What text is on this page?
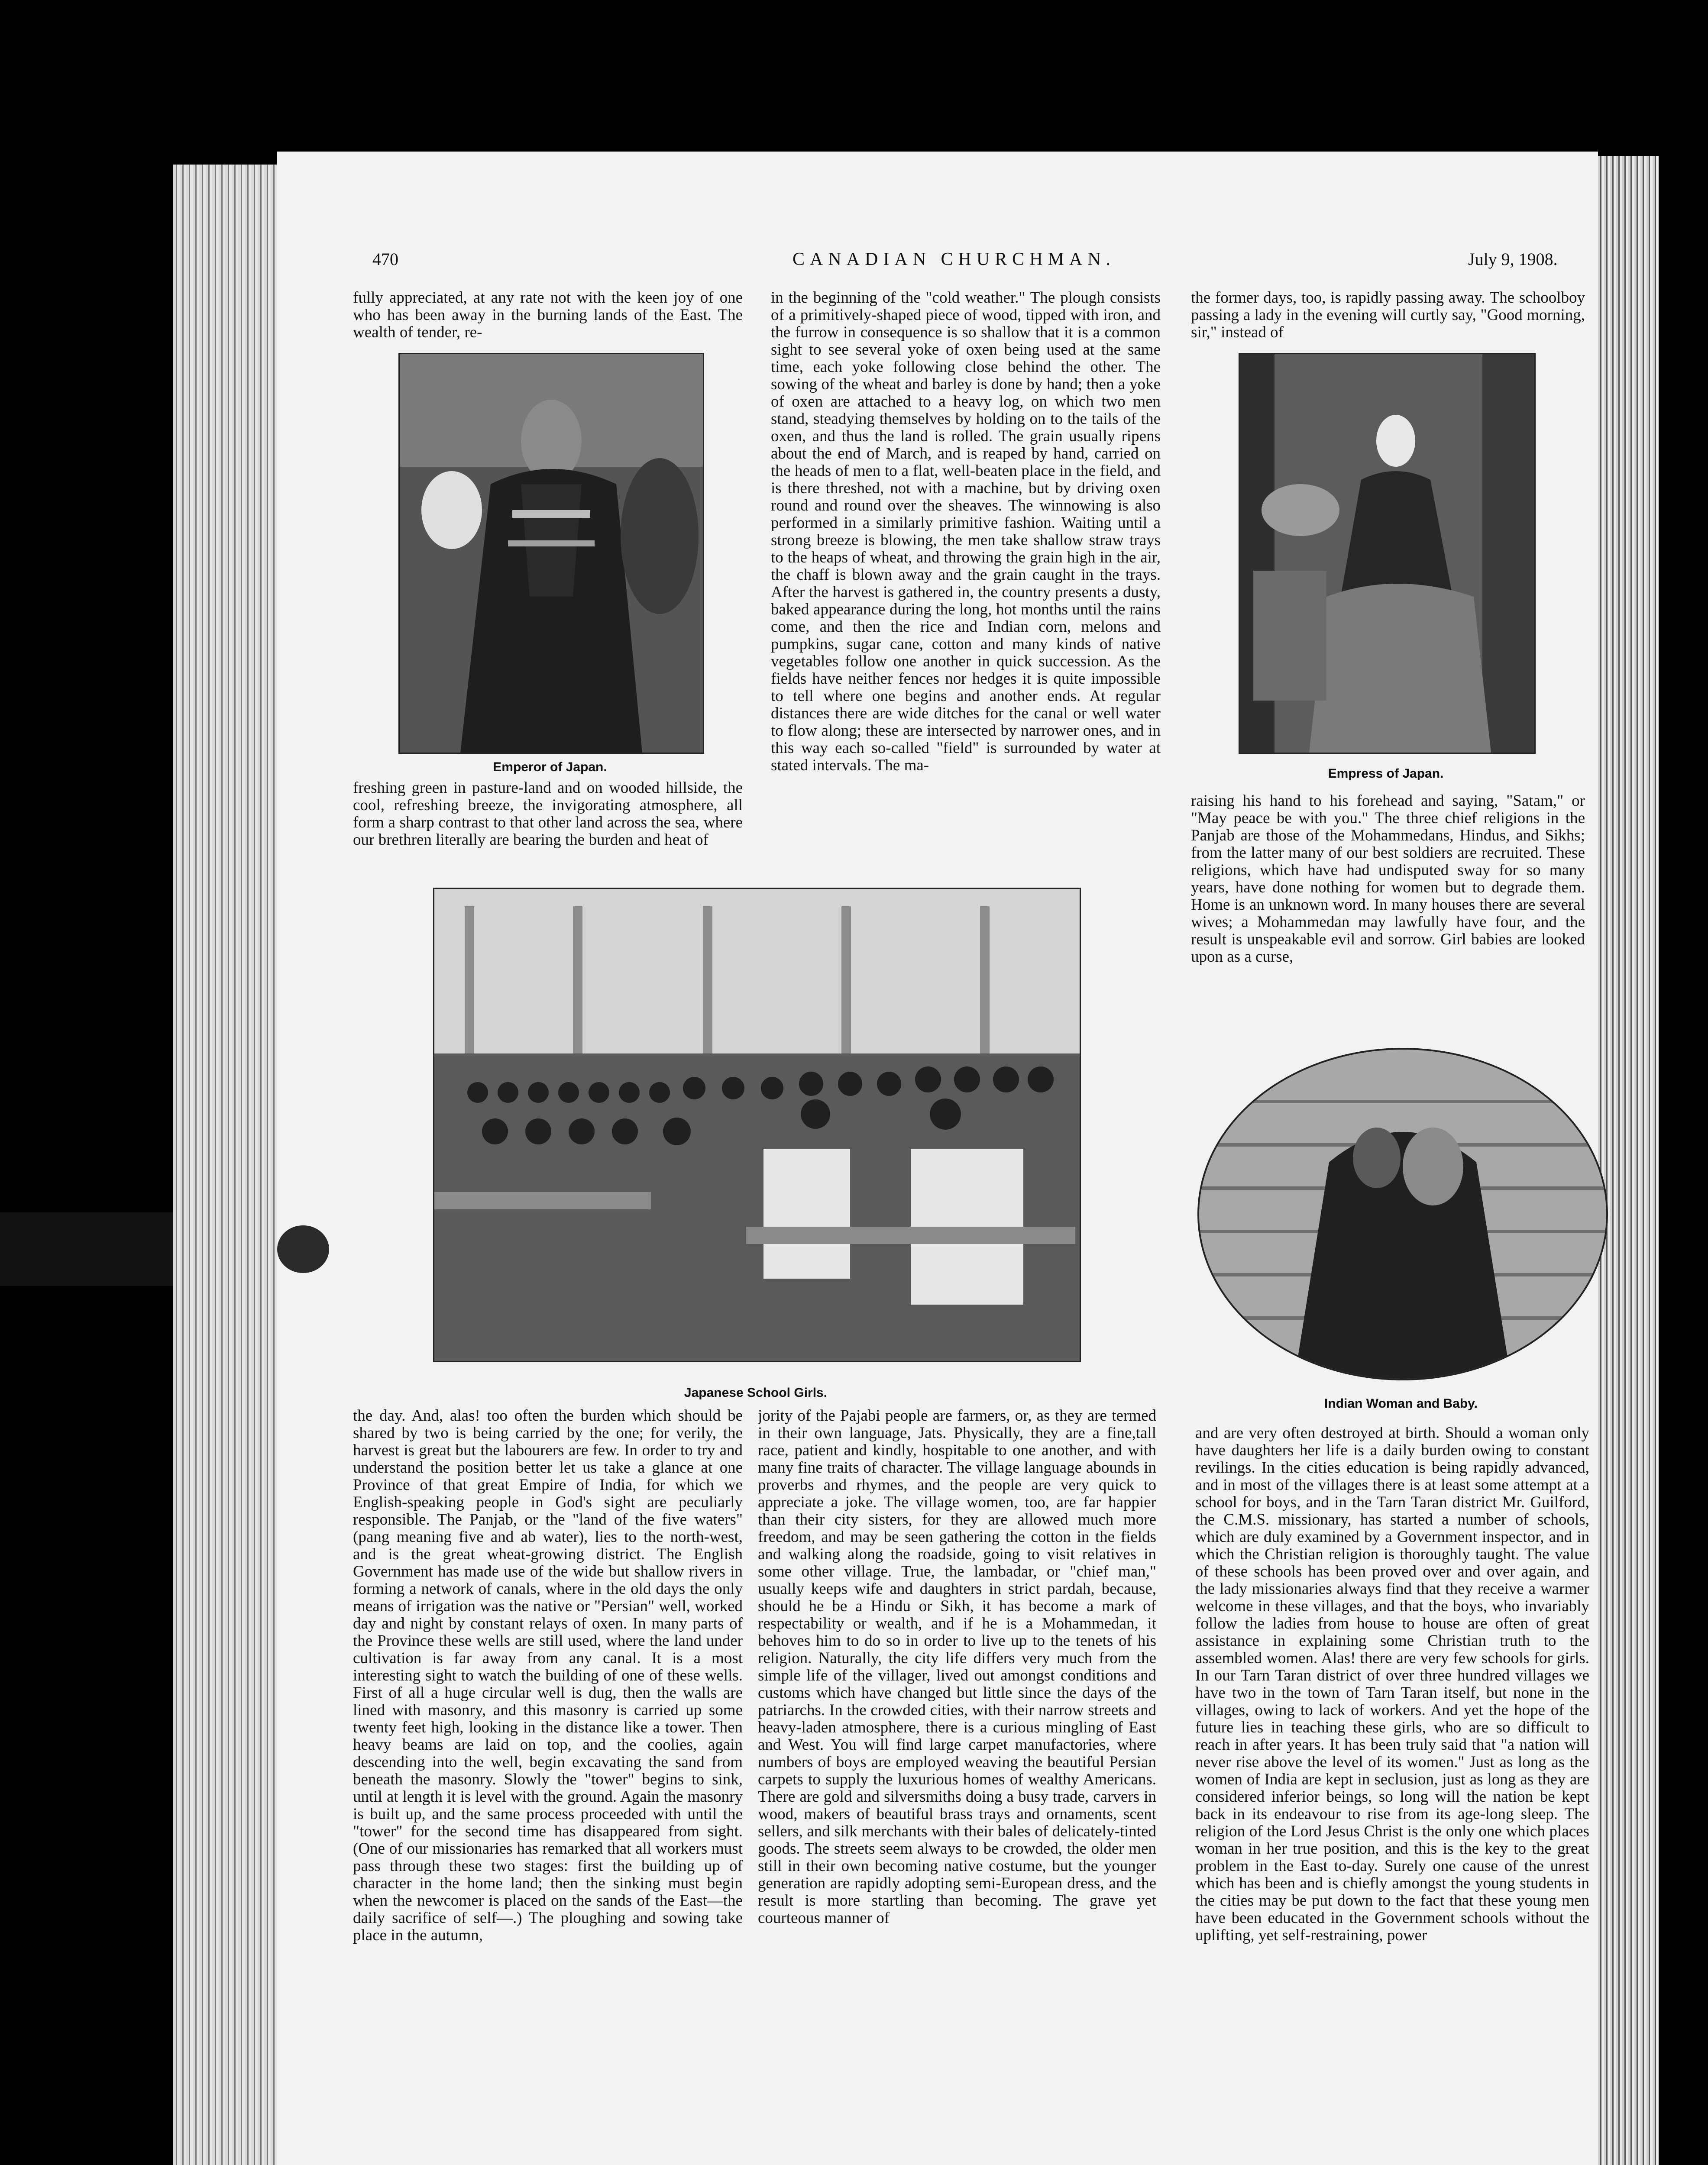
470	CANADIAN CHURCHMAN.	July 9, 1908.

fully appreciated, at any rate not with the keen joy of one who has been away in the burning lands of the East. The wealth of tender, re-

Emperor of Japan.

freshing green in pasture-land and on wooded hillside, the cool, refreshing breeze, the invigorating atmosphere, all form a sharp contrast to that other land across the sea, where our brethren literally are bearing the burden and heat of

in the beginning of the "cold weather." The plough consists of a primitively-shaped piece of wood, tipped with iron, and the furrow in consequence is so shallow that it is a common sight to see several yoke of oxen being used at the same time, each yoke following close behind the other. The sowing of the wheat and barley is done by hand; then a yoke of oxen are attached to a heavy log, on which two men stand, steadying themselves by holding on to the tails of the oxen, and thus the land is rolled. The grain usually ripens about the end of March, and is reaped by hand, carried on the heads of men to a flat, well-beaten place in the field, and is there threshed, not with a machine, but by driving oxen round and round over the sheaves. The winnowing is also performed in a similarly primitive fashion. Waiting until a strong breeze is blowing, the men take shallow straw trays to the heaps of wheat, and throwing the grain high in the air, the chaff is blown away and the grain caught in the trays. After the harvest is gathered in, the country presents a dusty, baked appearance during the long, hot months until the rains come, and then the rice and Indian corn, melons and pumpkins, sugar cane, cotton and many kinds of native vegetables follow one another in quick succession. As the fields have neither fences nor hedges it is quite impossible to tell where one begins and another ends. At regular distances there are wide ditches for the canal or well water to flow along; these are intersected by narrower ones, and in this way each so-called "field" is surrounded by water at stated intervals. The ma-

the former days, too, is rapidly passing away. The schoolboy passing a lady in the evening will curtly say, "Good morning, sir," instead of

Empress of Japan.

raising his hand to his forehead and saying, "Satam," or "May peace be with you." The three chief religions in the Panjab are those of the Mohammedans, Hindus, and Sikhs; from the latter many of our best soldiers are recruited. These religions, which have had undisputed sway for so many years, have done nothing for women but to degrade them. Home is an unknown word. In many houses there are several wives; a Mohammedan may lawfully have four, and the result is unspeakable evil and sorrow. Girl babies are looked upon as a curse,

Japanese School Girls.
Indian Woman and Baby.

the day. And, alas! too often the burden which should be shared by two is being carried by the one; for verily, the harvest is great but the labourers are few. In order to try and understand the position better let us take a glance at one Province of that great Empire of India, for which we English-speaking people in God's sight are peculiarly responsible. The Panjab, or the "land of the five waters" (pang meaning five and ab water), lies to the north-west, and is the great wheat-growing district. The English Government has made use of the wide but shallow rivers in forming a network of canals, where in the old days the only means of irrigation was the native or "Persian" well, worked day and night by constant relays of oxen. In many parts of the Province these wells are still used, where the land under cultivation is far away from any canal. It is a most interesting sight to watch the building of one of these wells. First of all a huge circular well is dug, then the walls are lined with masonry, and this masonry is carried up some twenty feet high, looking in the distance like a tower. Then heavy beams are laid on top, and the coolies, again descending into the well, begin excavating the sand from beneath the masonry. Slowly the "tower" begins to sink, until at length it is level with the ground. Again the masonry is built up, and the same process proceeded with until the "tower" for the second time has disappeared from sight. (One of our missionaries has remarked that all workers must pass through these two stages: first the building up of character in the home land; then the sinking must begin when the newcomer is placed on the sands of the East—the daily sacrifice of self—.) The ploughing and sowing take place in the autumn,

jority of the Pajabi people are farmers, or, as they are termed in their own language, Jats. Physically, they are a fine,tall race, patient and kindly, hospitable to one another, and with many fine traits of character. The village language abounds in proverbs and rhymes, and the people are very quick to appreciate a joke. The village women, too, are far happier than their city sisters, for they are allowed much more freedom, and may be seen gathering the cotton in the fields and walking along the roadside, going to visit relatives in some other village. True, the lambadar, or "chief man," usually keeps wife and daughters in strict pardah, because, should he be a Hindu or Sikh, it has become a mark of respectability or wealth, and if he is a Mohammedan, it behoves him to do so in order to live up to the tenets of his religion. Naturally, the city life differs very much from the simple life of the villager, lived out amongst conditions and customs which have changed but little since the days of the patriarchs. In the crowded cities, with their narrow streets and heavy-laden atmosphere, there is a curious mingling of East and West. You will find large carpet manufactories, where numbers of boys are employed weaving the beautiful Persian carpets to supply the luxurious homes of wealthy Americans. There are gold and silversmiths doing a busy trade, carvers in wood, makers of beautiful brass trays and ornaments, scent sellers, and silk merchants with their bales of delicately-tinted goods. The streets seem always to be crowded, the older men still in their own becoming native costume, but the younger generation are rapidly adopting semi-European dress, and the result is more startling than becoming. The grave yet courteous manner of

and are very often destroyed at birth. Should a woman only have daughters her life is a daily burden owing to constant revilings. In the cities education is being rapidly advanced, and in most of the villages there is at least some attempt at a school for boys, and in the Tarn Taran district Mr. Guilford, the C.M.S. missionary, has started a number of schools, which are duly examined by a Government inspector, and in which the Christian religion is thoroughly taught. The value of these schools has been proved over and over again, and the lady missionaries always find that they receive a warmer welcome in these villages, and that the boys, who invariably follow the ladies from house to house are often of great assistance in explaining some Christian truth to the assembled women. Alas! there are very few schools for girls. In our Tarn Taran district of over three hundred villages we have two in the town of Tarn Taran itself, but none in the villages, owing to lack of workers. And yet the hope of the future lies in teaching these girls, who are so difficult to reach in after years. It has been truly said that "a nation will never rise above the level of its women." Just as long as the women of India are kept in seclusion, just as long as they are considered inferior beings, so long will the nation be kept back in its endeavour to rise from its age-long sleep. The religion of the Lord Jesus Christ is the only one which places woman in her true position, and this is the key to the great problem in the East to-day. Surely one cause of the unrest which has been and is chiefly amongst the young students in the cities may be put down to the fact that these young men have been educated in the Government schools without the uplifting, yet self-restraining, power
